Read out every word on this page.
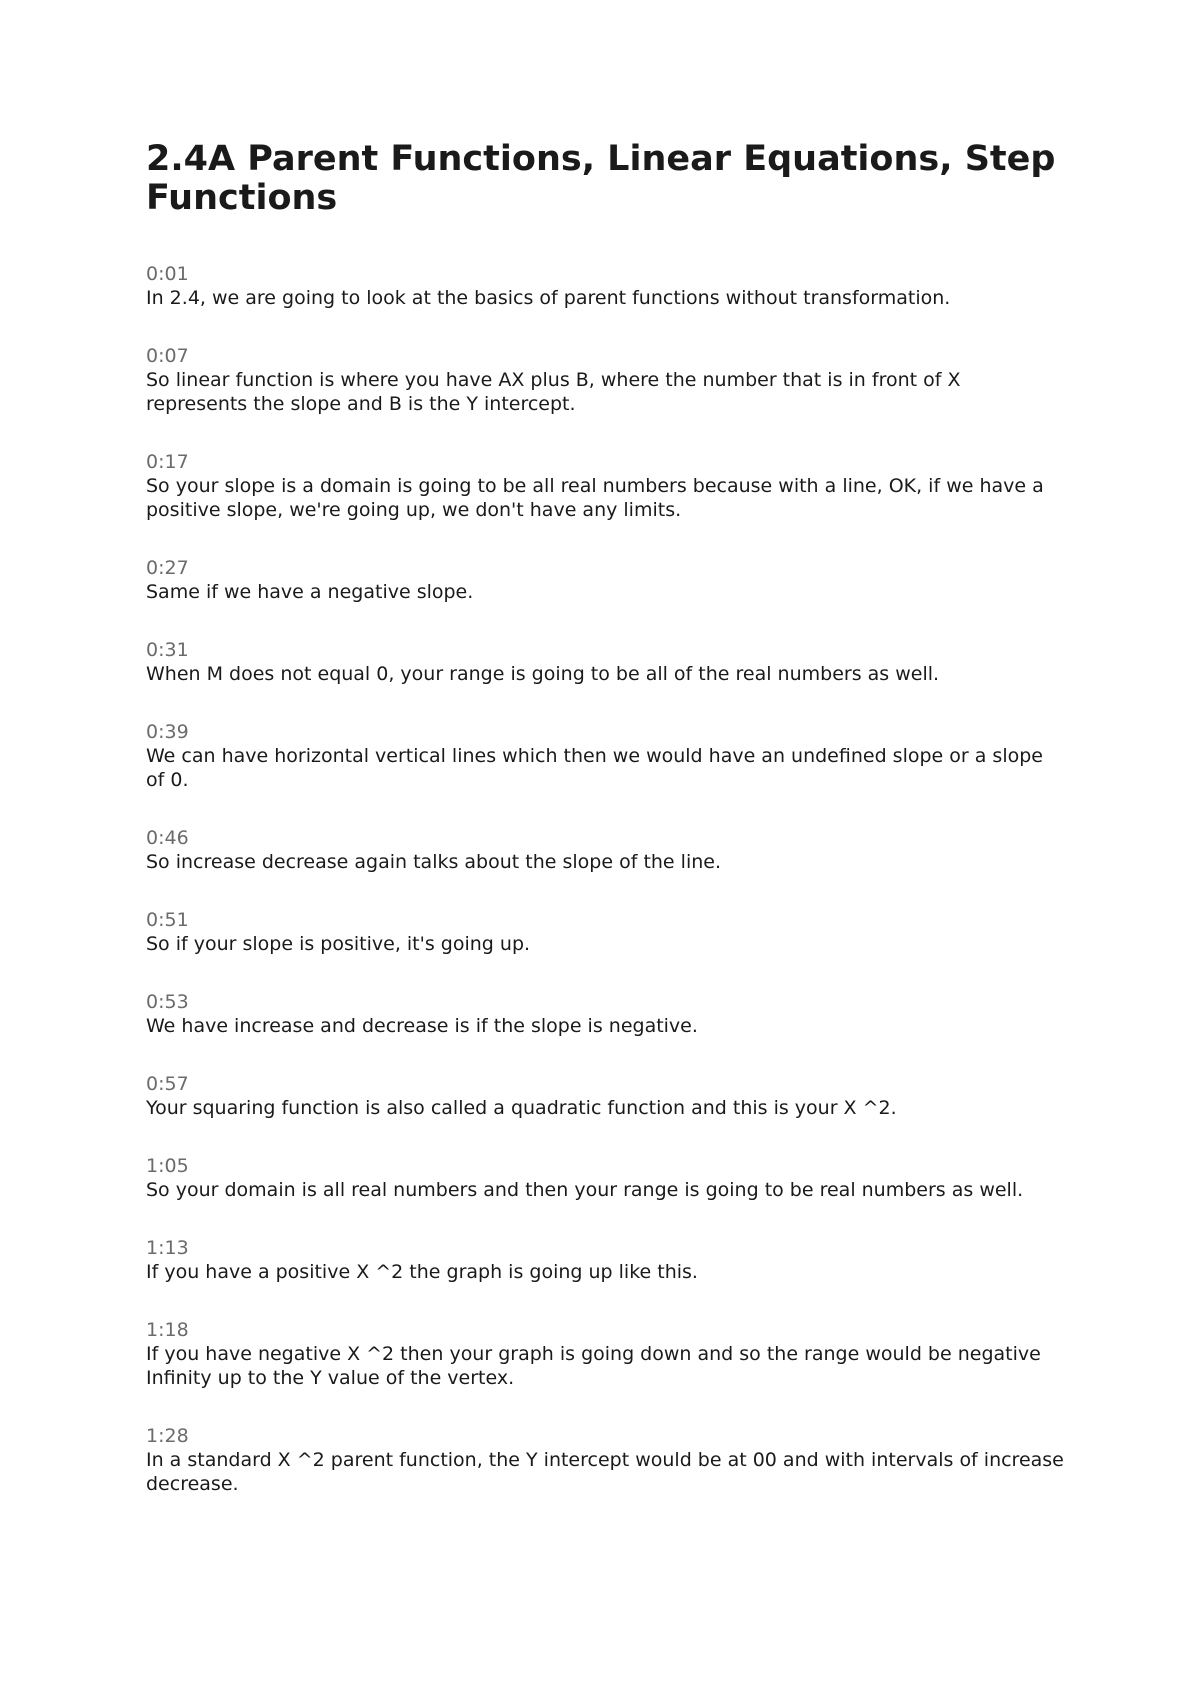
2.4A Parent Functions, Linear Equations, Step Functions
0:01
In 2.4, we are going to look at the basics of parent functions without transformation.
0:07
So linear function is where you have AX plus B, where the number that is in front of X represents the slope and B is the Y intercept.
0:17
So your slope is a domain is going to be all real numbers because with a line, OK, if we have a positive slope, we're going up, we don't have any limits.
0:27
Same if we have a negative slope.
0:31
When M does not equal 0, your range is going to be all of the real numbers as well.
0:39
We can have horizontal vertical lines which then we would have an undefined slope or a slope of 0.
0:46
So increase decrease again talks about the slope of the line.
0:51
So if your slope is positive, it's going up.
0:53
We have increase and decrease is if the slope is negative.
0:57
Your squaring function is also called a quadratic function and this is your X ^2.
1:05
So your domain is all real numbers and then your range is going to be real numbers as well.
1:13
If you have a positive X ^2 the graph is going up like this.
1:18
If you have negative X ^2 then your graph is going down and so the range would be negative Infinity up to the Y value of the vertex.
1:28
In a standard X ^2 parent function, the Y intercept would be at 00 and with intervals of increase decrease.
